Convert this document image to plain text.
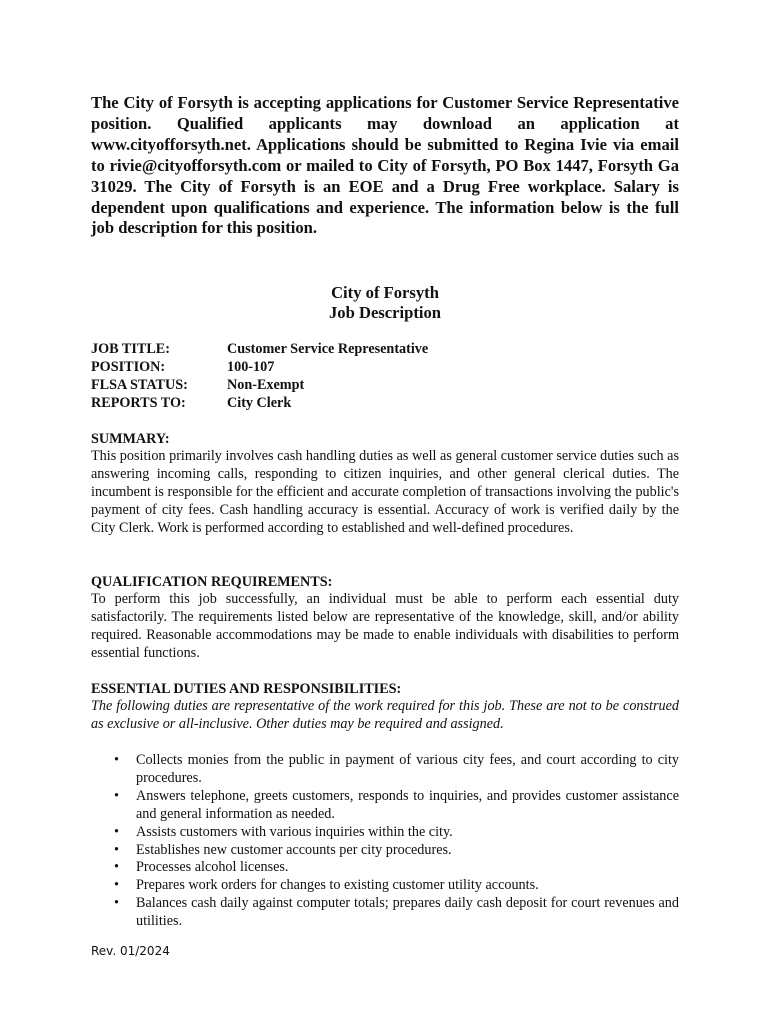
The City of Forsyth is accepting applications for Customer Service Representative position. Qualified applicants may download an application at www.cityofforsyth.net. Applications should be submitted to Regina Ivie via email to rivie@cityofforsyth.com or mailed to City of Forsyth, PO Box 1447, Forsyth Ga 31029. The City of Forsyth is an EOE and a Drug Free workplace. Salary is dependent upon qualifications and experience. The information below is the full job description for this position.

City of Forsyth

Job Description

JOB TITLE:	Customer Service Representative
POSITION:	100-107
FLSA STATUS:	Non-Exempt
REPORTS TO:	City Clerk

SUMMARY:

This position primarily involves cash handling duties as well as general customer service duties such as answering incoming calls, responding to citizen inquiries, and other general clerical duties. The incumbent is responsible for the efficient and accurate completion of transactions involving the public's payment of city fees. Cash handling accuracy is essential. Accuracy of work is verified daily by the City Clerk. Work is performed according to established and well-defined procedures.

QUALIFICATION REQUIREMENTS:

To perform this job successfully, an individual must be able to perform each essential duty satisfactorily. The requirements listed below are representative of the knowledge, skill, and/or ability required. Reasonable accommodations may be made to enable individuals with disabilities to perform essential functions.

ESSENTIAL DUTIES AND RESPONSIBILITIES:

The following duties are representative of the work required for this job. These are not to be construed as exclusive or all-inclusive. Other duties may be required and assigned.

• Collects monies from the public in payment of various city fees, and court according to city procedures.
• Answers telephone, greets customers, responds to inquiries, and provides customer assistance and general information as needed.
• Assists customers with various inquiries within the city.
• Establishes new customer accounts per city procedures.
• Processes alcohol licenses.
• Prepares work orders for changes to existing customer utility accounts.
• Balances cash daily against computer totals; prepares daily cash deposit for court revenues and utilities.
Rev. 01/2024
